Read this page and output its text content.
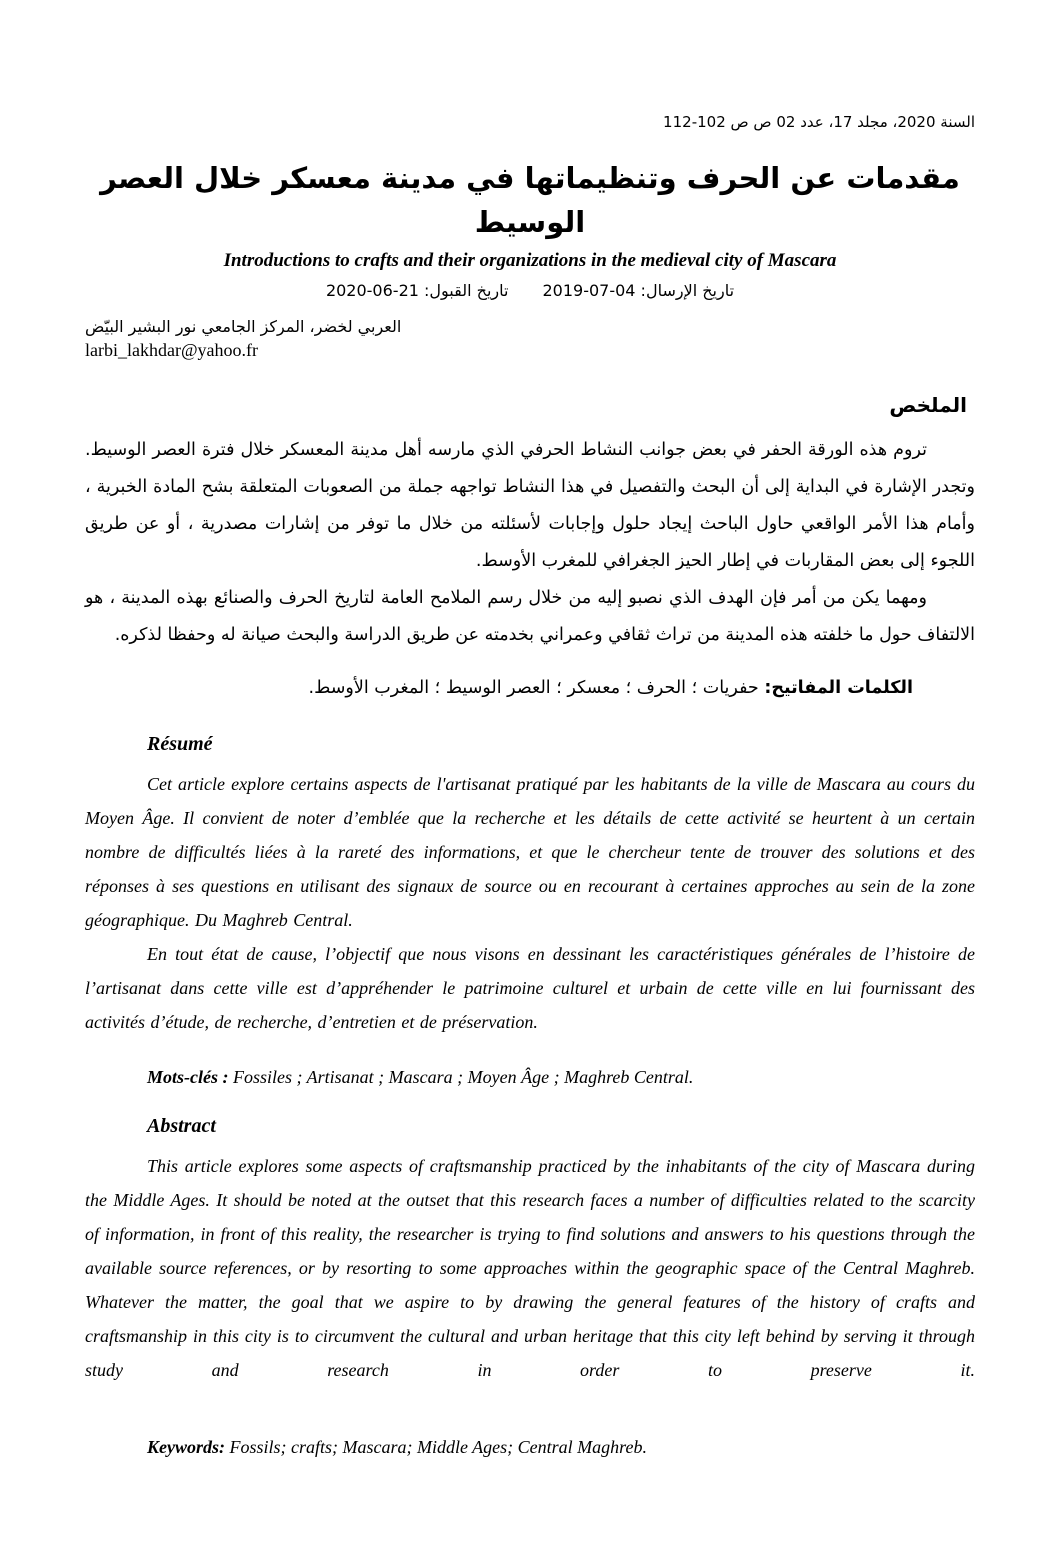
السنة 2020، مجلد 17، عدد 02 ص ص 102-112
مقدمات عن الحرف وتنظيماتها في مدينة معسكر خلال العصر الوسيط
Introductions to crafts and their organizations in the medieval city of Mascara
تاريخ الإرسال: 2019-07-04
تاريخ القبول: 2020-06-21
العربي لخضر، المركز الجامعي نور البشير البيّض
larbi_lakhdar@yahoo.fr
الملخص

تروم هذه الورقة الحفر في بعض جوانب النشاط الحرفي الذي مارسه أهل مدينة المعسكر خلال فترة العصر الوسيط. وتجدر الإشارة في البداية إلى أن البحث والتفصيل في هذا النشاط تواجهه جملة من الصعوبات المتعلقة بشح المادة الخبرية ، وأمام هذا الأمر الواقعي حاول الباحث إيجاد حلول وإجابات لأسئلته من خلال ما توفر من إشارات مصدرية ، أو عن طريق اللجوء إلى بعض المقاربات في إطار الحيز الجغرافي للمغرب الأوسط.

ومهما يكن من أمر فإن الهدف الذي نصبو إليه من خلال رسم الملامح العامة لتاريخ الحرف والصنائع بهذه المدينة ، هو الالتفاف حول ما خلفته هذه المدينة من تراث ثقافي وعمراني بخدمته عن طريق الدراسة والبحث صيانة له وحفظا لذكره.

الكلمات المفاتيح: حفريات ؛ الحرف ؛ معسكر ؛ العصر الوسيط ؛ المغرب الأوسط.

Résumé

Cet article explore certains aspects de l'artisanat pratiqué par les habitants de la ville de Mascara au cours du Moyen Âge. Il convient de noter d’emblée que la recherche et les détails de cette activité se heurtent à un certain nombre de difficultés liées à la rareté des informations, et que le chercheur tente de trouver des solutions et des réponses à ses questions en utilisant des signaux de source ou en recourant à certaines approches au sein de la zone géographique. Du Maghreb Central.

En tout état de cause, l’objectif que nous visons en dessinant les caractéristiques générales de l’histoire de l’artisanat dans cette ville est d’appréhender le patrimoine culturel et urbain de cette ville en lui fournissant des activités d’étude, de recherche, d’entretien et de préservation.

Mots-clés : Fossiles ; Artisanat ; Mascara ; Moyen Âge ; Maghreb Central.

Abstract

This article explores some aspects of craftsmanship practiced by the inhabitants of the city of Mascara during the Middle Ages. It should be noted at the outset that this research faces a number of difficulties related to the scarcity of information, in front of this reality, the researcher is trying to find solutions and answers to his questions through the available source references, or by resorting to some approaches within the geographic space of the Central Maghreb. Whatever the matter, the goal that we aspire to by drawing the general features of the history of crafts and craftsmanship in this city is to circumvent the cultural and urban heritage that this city left behind by serving it through study and research in order to preserve it.

Keywords: Fossils; crafts; Mascara; Middle Ages; Central Maghreb.
